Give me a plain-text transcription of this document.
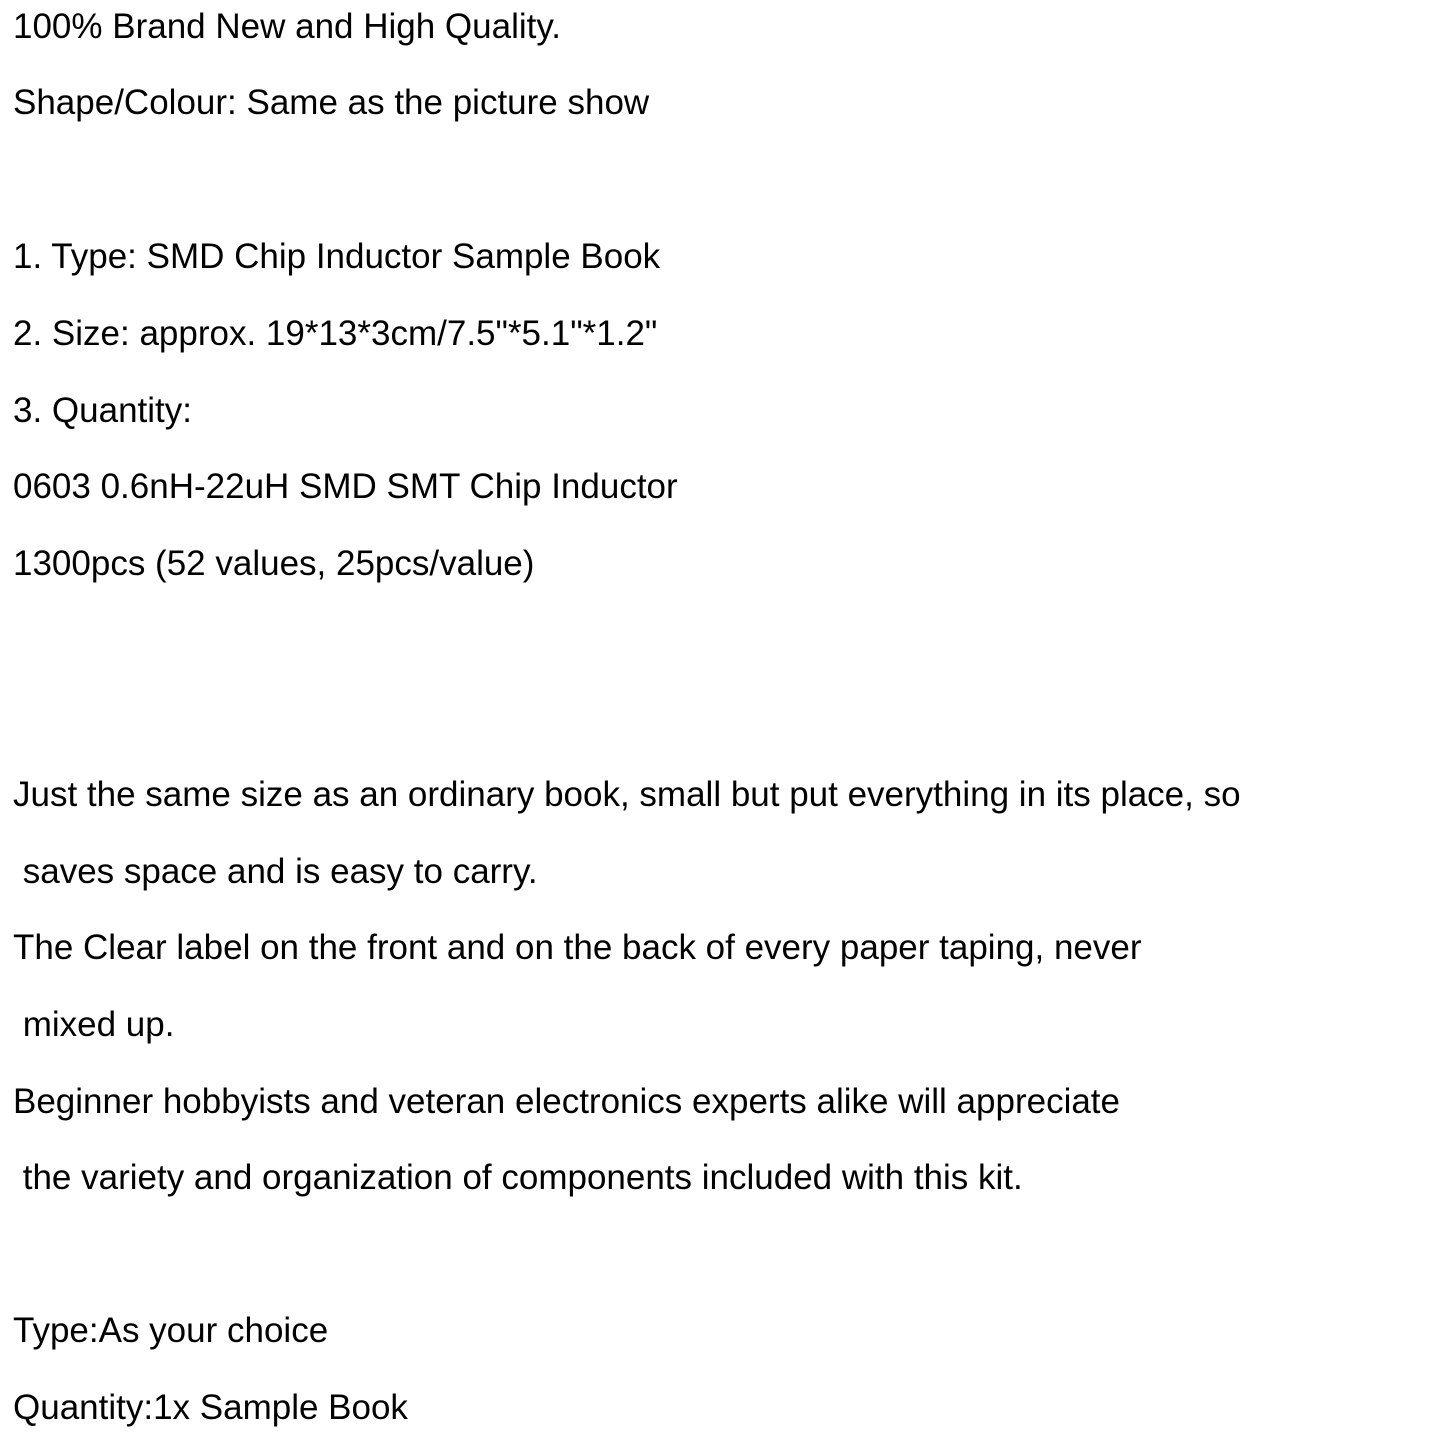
100% Brand New and High Quality.
Shape/Colour: Same as the picture show
1. Type: SMD Chip Inductor Sample Book
2. Size: approx. 19*13*3cm/7.5"*5.1"*1.2"
3. Quantity:
0603 0.6nH-22uH SMD SMT Chip Inductor
1300pcs (52 values, 25pcs/value)
Just the same size as an ordinary book, small but put everything in its place, so
saves space and is easy to carry.
The Clear label on the front and on the back of every paper taping, never
mixed up.
Beginner hobbyists and veteran electronics experts alike will appreciate
the variety and organization of components included with this kit.
Type:As your choice
Quantity:1x Sample Book
